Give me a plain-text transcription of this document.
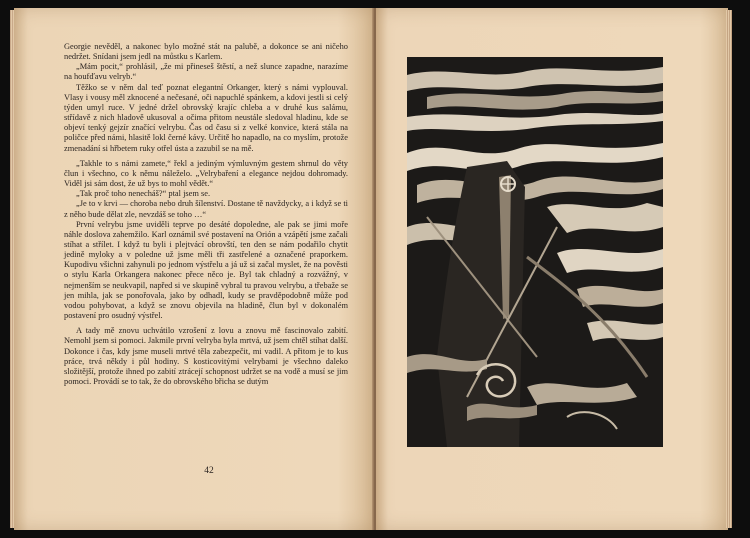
Georgie nevěděl, a nakonec bylo možné stát na palubě, a dokonce se ani ničeho nedržet. Snídani jsem jedl na můstku s Karlem.

„Mám pocit,“ prohlásil, „že mi přineseš štěstí, a než slunce zapadne, narazíme na houfďavu velryb.“

Těžko se v něm dal teď poznat elegantní Orkanger, který s námi vyplouval. Vlasy i vousy měl zknocené a nečesané, oči napuchlé spánkem, a kdovi jestli si celý týden umyl ruce. V jedné držel obrovský krajíc chleba a v druhé kus salámu, střídavě z nich hladově ukusoval a očima přitom neustále sledoval hladinu, kde se objeví tenký gejzír značící velrybu. Čas od času si z velké konvice, která stála na poličce před námi, hlasitě lokl černé kávy. Určitě ho napadlo, na co myslím, protože zmenadání si hřbetem ruky otřel ústa a zazubil se na mě.

„Takhle to s námi zamete,“ řekl a jediným výmluvným gestem shrnul do věty člun i všechno, co k němu náleželo. „Velrybaření a elegance nejdou dohromady. Viděl jsi sám dost, že už bys to mohl vědět.“

„Tak proč toho nenecháš?“ ptal jsem se.

„Je to v krvi — choroba nebo druh šílenství. Dostane tě navždycky, a i když se ti z něho bude dělat zle, nevzdáš se toho …“

První velrybu jsme uviděli teprve po desáté dopoledne, ale pak se jimi moře náhle doslova zahemžilo. Karl oznámil své postavení na Orión a vzápětí jsme začali stíhat a střílet. I když tu byli i plejtvácí obrovští, ten den se nám podařilo chytit jedině myloky a v poledne už jsme měli tři zastřelené a označené praporkem. Kupodivu všichni zahynuli po jednom výstřelu a já už si začal myslet, že na pověsti o stylu Karla Orkangera nakonec přece něco je. Byl tak chladný a rozvážný, v nejmenším se neukvapil, napřed si ve skupině vybral tu pravou velrybu, a třebaže se jen mihla, jak se ponořovala, jako by odhadl, kudy se pravděpodobně může pod vodou pohybovat, a když se znovu objevila na hladině, člun byl v dokonalém postavení pro osudný výstřel.

A tady mě znovu uchvátilo vzrošení z lovu a znovu mě fascinovalo zabití. Nemohl jsem si pomoci. Jakmile první velryba byla mrtvá, už jsem chtěl stíhat další. Dokonce i čas, kdy jsme museli mrtvé těla zabezpečit, mi vadil. A přitom je to kus práce, trvá někdy i půl hodiny. S kosticovitými velrybami je všechno daleko složitější, protože ihned po zabití ztrácejí schopnost udržet se na vodě a musí se jim pomoci. Provádí se to tak, že do obrovského břicha se dutým

42
